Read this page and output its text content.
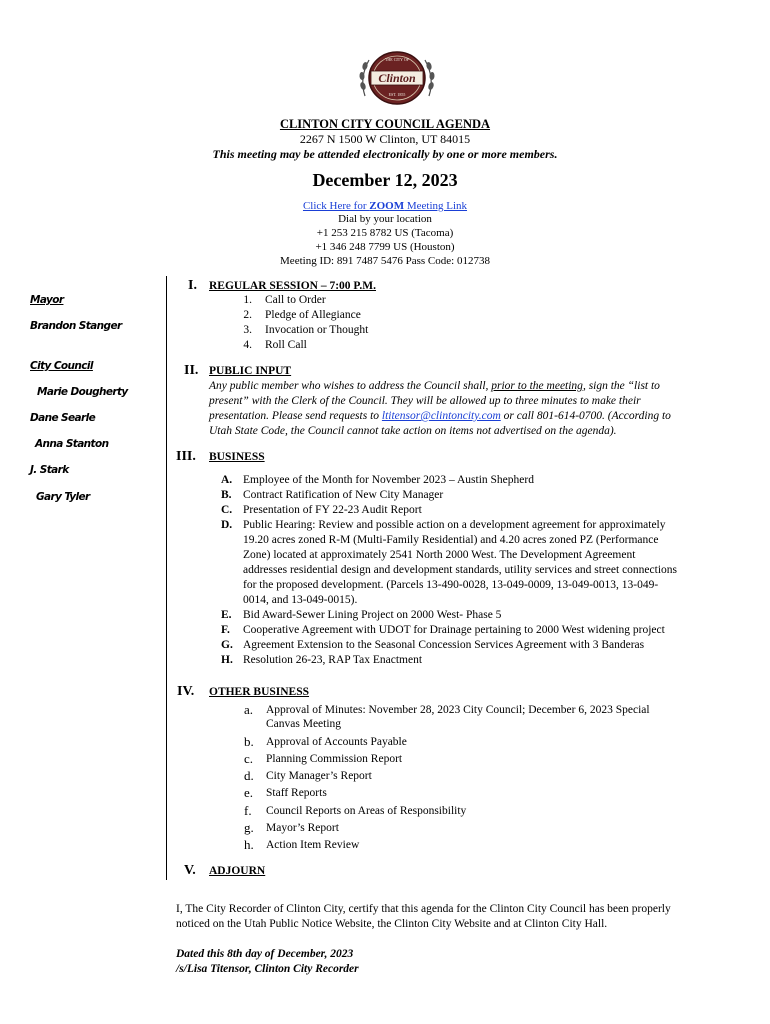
Clinton
THE CITY OF
EST. 1855
CLINTON CITY COUNCIL AGENDA
2267 N 1500 W Clinton, UT 84015
This meeting may be attended electronically by one or more members.
December 12, 2023
Click Here for ZOOM Meeting Link
Dial by your location
+1 253 215 8782 US (Tacoma)
+1 346 248 7799 US (Houston)
Meeting ID: 891 7487 5476 Pass Code: 012738
Mayor
Brandon Stanger
City Council
Marie Dougherty
Dane Searle
Anna Stanton
J. Stark
Gary Tyler
I. REGULAR SESSION – 7:00 P.M.
1. Call to Order
2. Pledge of Allegiance
3. Invocation or Thought
4. Roll Call
II. PUBLIC INPUT
Any public member who wishes to address the Council shall, prior to the meeting, sign the “list to
present” with the Clerk of the Council. They will be allowed up to three minutes to make their
presentation. Please send requests to ltitensor@clintoncity.com or call 801-614-0700. (According to
Utah State Code, the Council cannot take action on items not advertised on the agenda).
III. BUSINESS
A. Employee of the Month for November 2023 – Austin Shepherd
B. Contract Ratification of New City Manager
C. Presentation of FY 22-23 Audit Report
D. Public Hearing: Review and possible action on a development agreement for approximately
19.20 acres zoned R-M (Multi-Family Residential) and 4.20 acres zoned PZ (Performance
Zone) located at approximately 2541 North 2000 West. The Development Agreement
addresses residential design and development standards, utility services and street connections
for the proposed development. (Parcels 13-490-0028, 13-049-0009, 13-049-0013, 13-049-
0014, and 13-049-0015).
E. Bid Award-Sewer Lining Project on 2000 West- Phase 5
F. Cooperative Agreement with UDOT for Drainage pertaining to 2000 West widening project
G. Agreement Extension to the Seasonal Concession Services Agreement with 3 Banderas
H. Resolution 26-23, RAP Tax Enactment
IV. OTHER BUSINESS
a. Approval of Minutes: November 28, 2023 City Council; December 6, 2023 Special
Canvas Meeting
b. Approval of Accounts Payable
c. Planning Commission Report
d. City Manager’s Report
e. Staff Reports
f. Council Reports on Areas of Responsibility
g. Mayor’s Report
h. Action Item Review
V. ADJOURN
I, The City Recorder of Clinton City, certify that this agenda for the Clinton City Council has been properly
noticed on the Utah Public Notice Website, the Clinton City Website and at Clinton City Hall.
Dated this 8th day of December, 2023
/s/Lisa Titensor, Clinton City Recorder
